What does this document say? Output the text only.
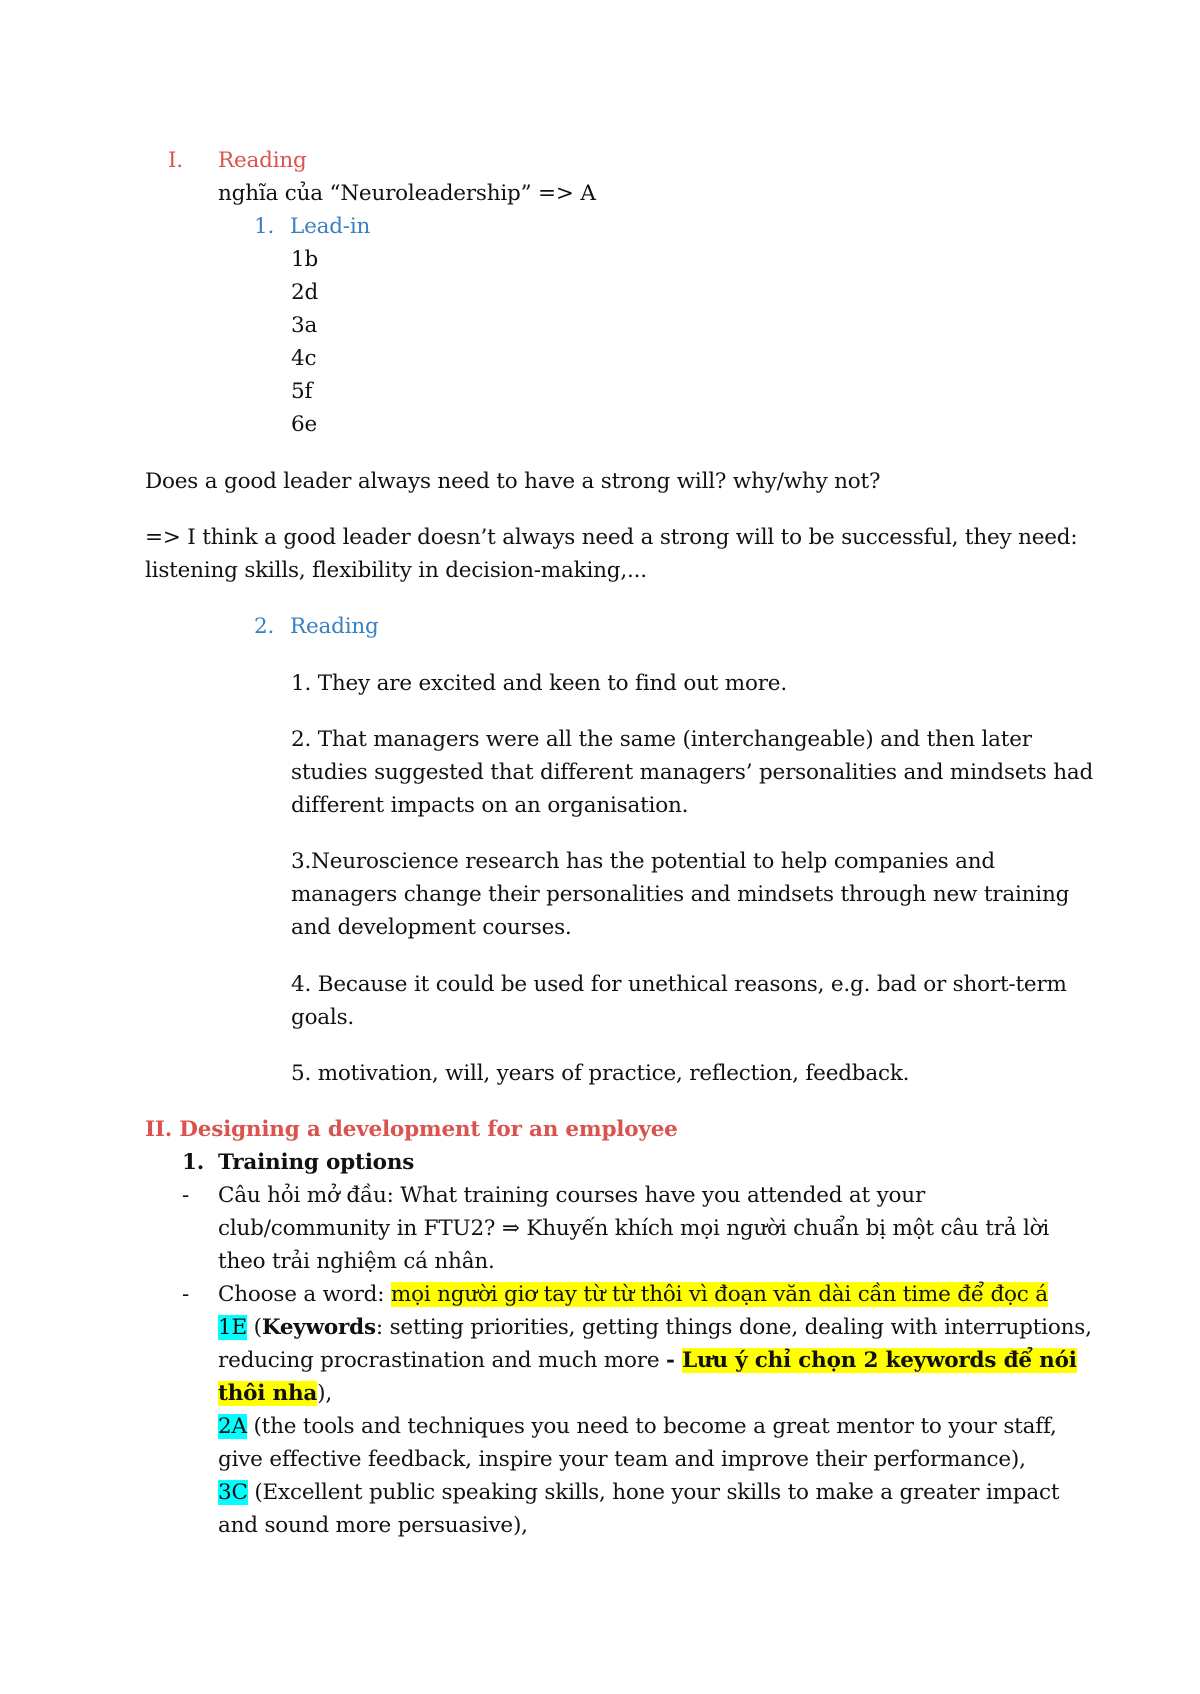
I. Reading
nghĩa của “Neuroleadership” => A
1. Lead-in
1b
2d
3a
4c
5f
6e
Does a good leader always need to have a strong will? why/why not?
=> I think a good leader doesn’t always need a strong will to be successful, they need:
listening skills, flexibility in decision-making,...
2. Reading
1. They are excited and keen to find out more.
2. That managers were all the same (interchangeable) and then later
studies suggested that different managers’ personalities and mindsets had
different impacts on an organisation.
3.Neuroscience research has the potential to help companies and
managers change their personalities and mindsets through new training
and development courses.
4. Because it could be used for unethical reasons, e.g. bad or short-term
goals.
5. motivation, will, years of practice, reflection, feedback.
II. Designing a development for an employee
1. Training options
- Câu hỏi mở đầu: What training courses have you attended at your
club/community in FTU2? ⇒ Khuyến khích mọi người chuẩn bị một câu trả lời
theo trải nghiệm cá nhân.
- Choose a word: mọi người giơ tay từ từ thôi vì đoạn văn dài cần time để đọc á
1E (Keywords: setting priorities, getting things done, dealing with interruptions,
reducing procrastination and much more - Lưu ý chỉ chọn 2 keywords để nói
thôi nha),
2A (the tools and techniques you need to become a great mentor to your staff,
give effective feedback, inspire your team and improve their performance),
3C (Excellent public speaking skills, hone your skills to make a greater impact
and sound more persuasive),
